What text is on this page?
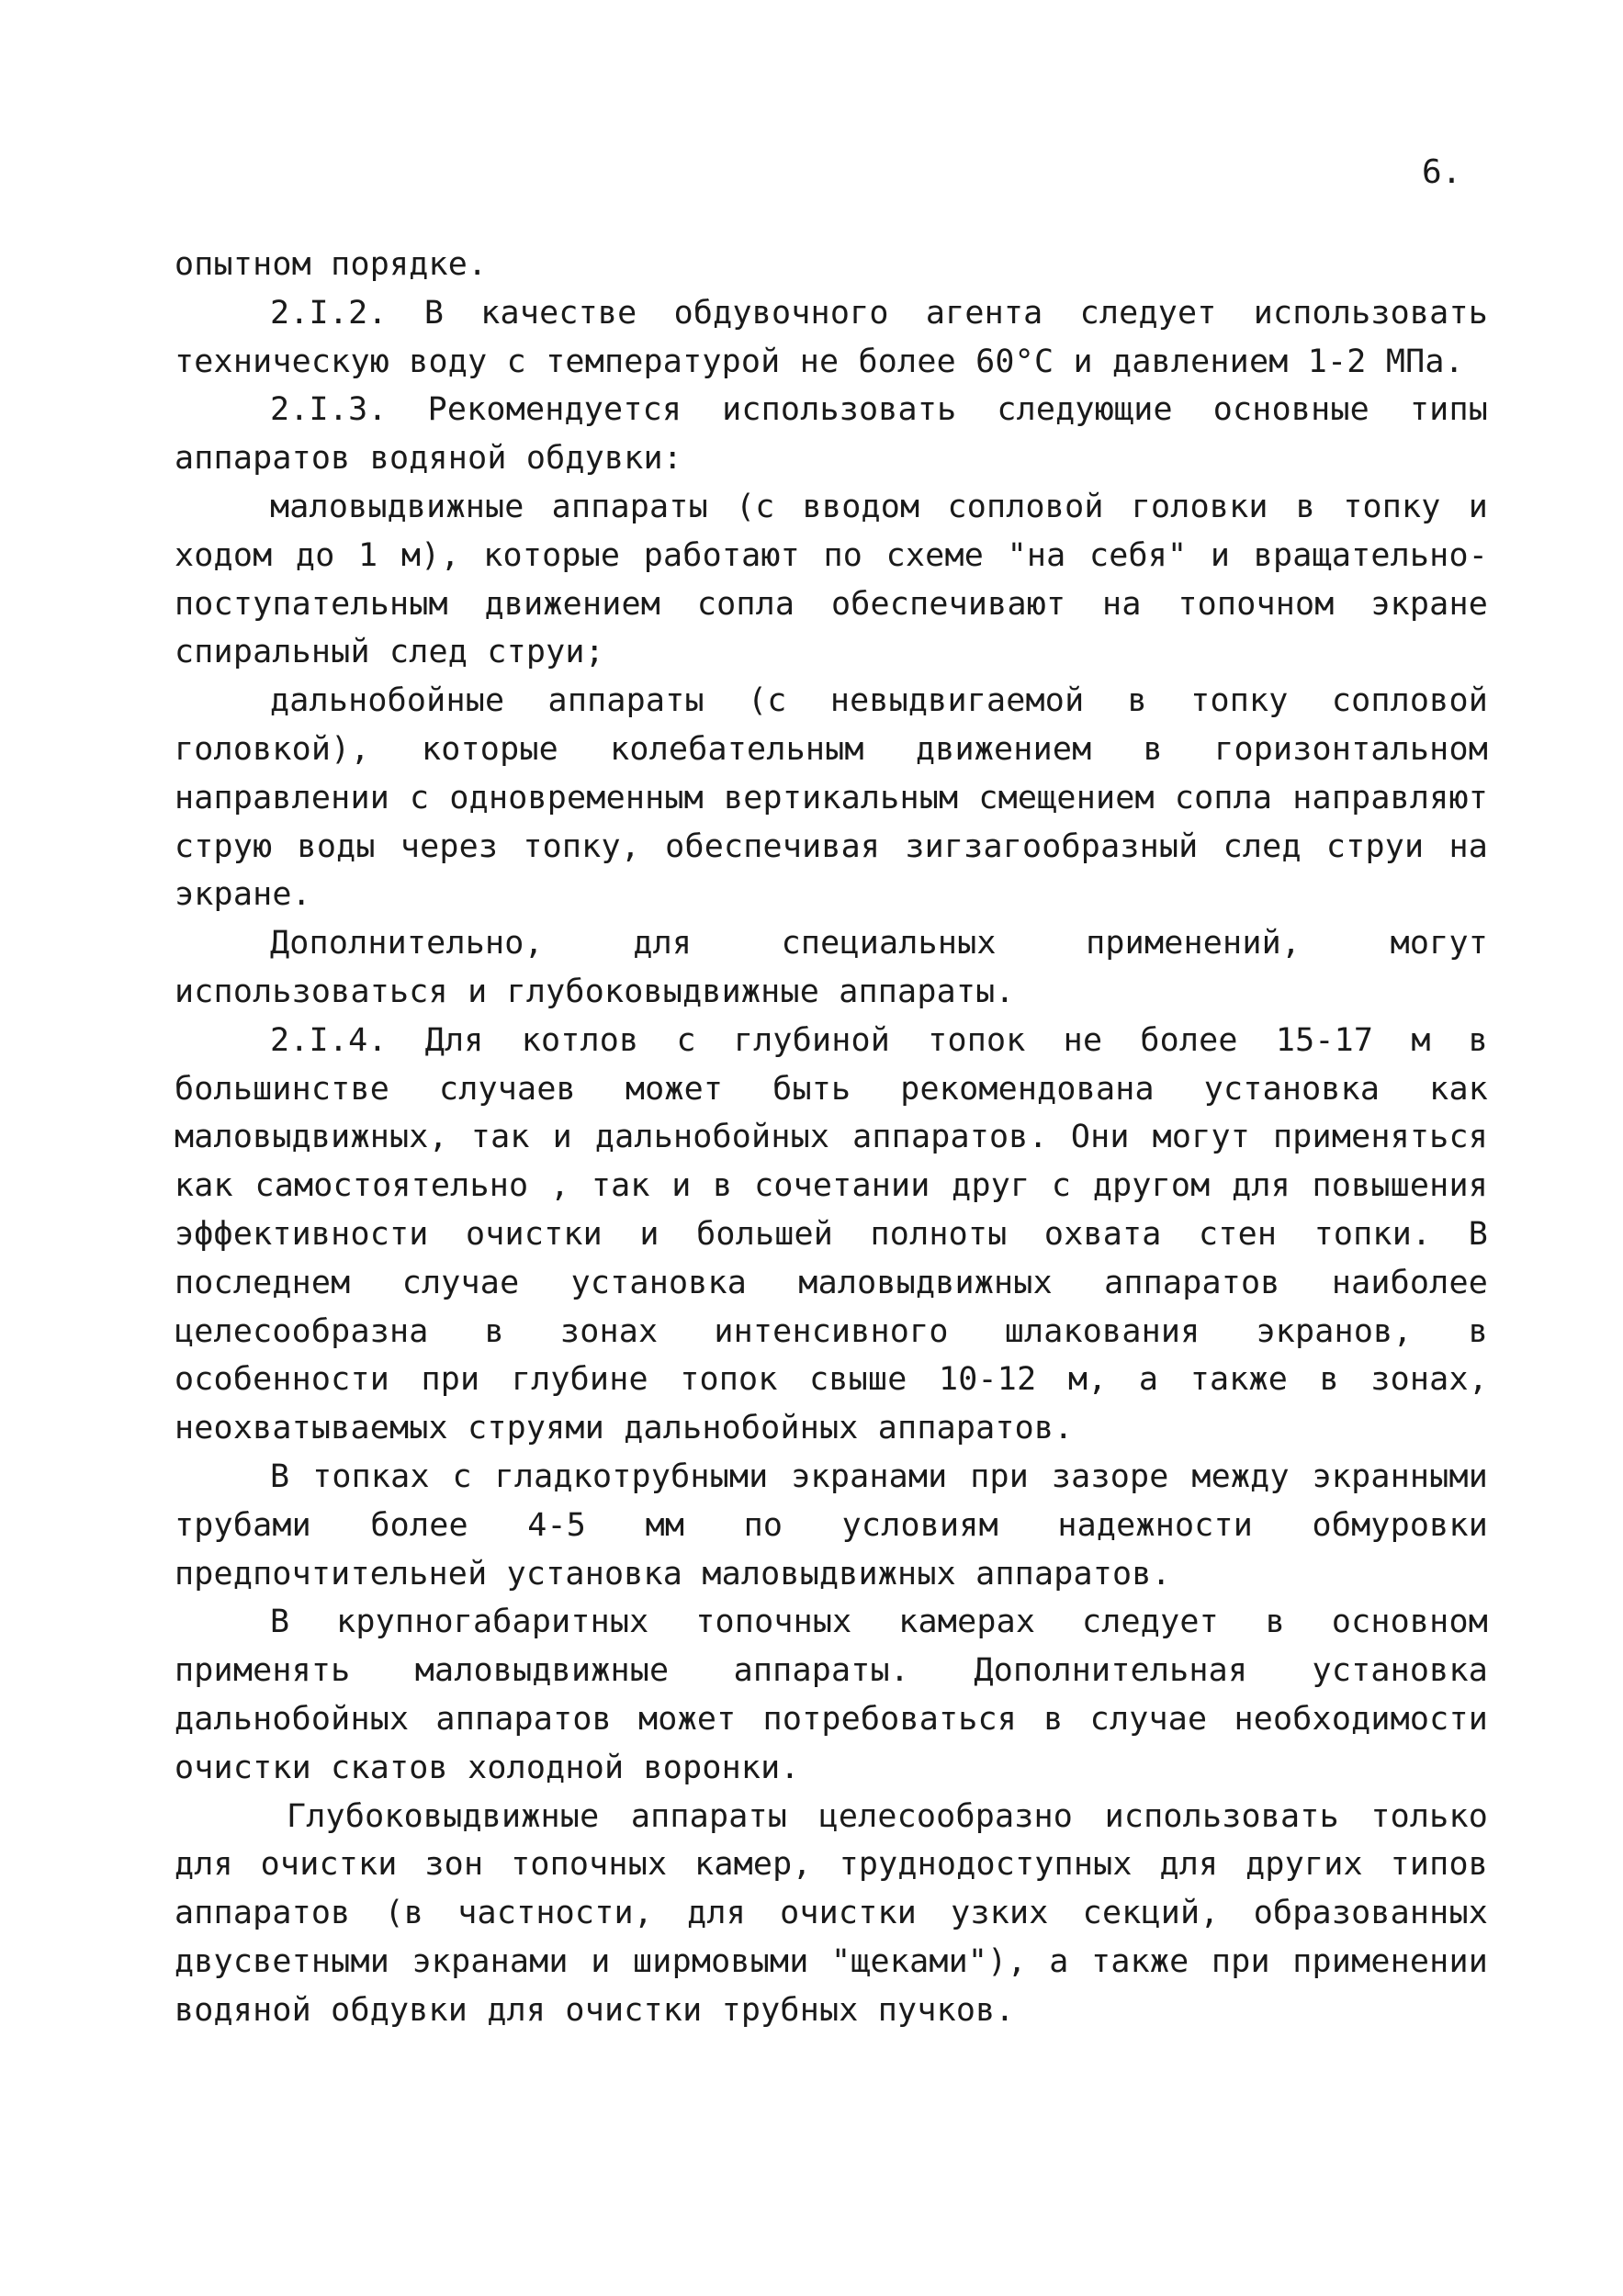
6.

опытном порядке.

2.I.2. В качестве обдувочного агента следует использовать техническую воду с температурой не более 60°С и давлением 1-2 МПа.

2.I.3. Рекомендуется использовать следующие основные типы аппаратов водяной обдувки:

маловыдвижные аппараты (с вводом сопловой головки в топку и ходом до 1 м), которые работают по схеме "на себя" и вращательно-поступательным движением сопла обеспечивают на топочном экране спиральный след струи;

дальнобойные аппараты (с невыдвигаемой в топку сопловой головкой), которые колебательным движением в горизонтальном направлении с одновременным вертикальным смещением сопла направляют струю воды через топку, обеспечивая зигзагообразный след струи на экране.

Дополнительно, для специальных применений, могут использоваться и глубоковыдвижные аппараты.

2.I.4. Для котлов с глубиной топок не более 15-17 м в большинстве случаев может быть рекомендована установка как маловыдвижных, так и дальнобойных аппаратов. Они могут применяться как самостоятельно , так и в сочетании друг с другом для повышения эффективности очистки и большей полноты охвата стен топки. В последнем случае установка маловыдвижных аппаратов наиболее целесообразна в зонах интенсивного шлакования экранов, в особенности при глубине топок свыше 10-12 м, а также в зонах, неохватываемых струями дальнобойных аппаратов.

В топках с гладкотрубными экранами при зазоре между экранными трубами более 4-5 мм по условиям надежности обмуровки предпочтительней установка маловыдвижных аппаратов.

В крупногабаритных топочных камерах следует в основном применять маловыдвижные аппараты. Дополнительная установка дальнобойных аппаратов может потребоваться в случае необходимости очистки скатов холодной воронки.

Глубоковыдвижные аппараты целесообразно использовать только для очистки зон топочных камер, труднодоступных для других типов аппаратов (в частности, для очистки узких секций, образованных двусветными экранами и ширмовыми "щеками"), а также при применении водяной обдувки для очистки трубных пучков.
